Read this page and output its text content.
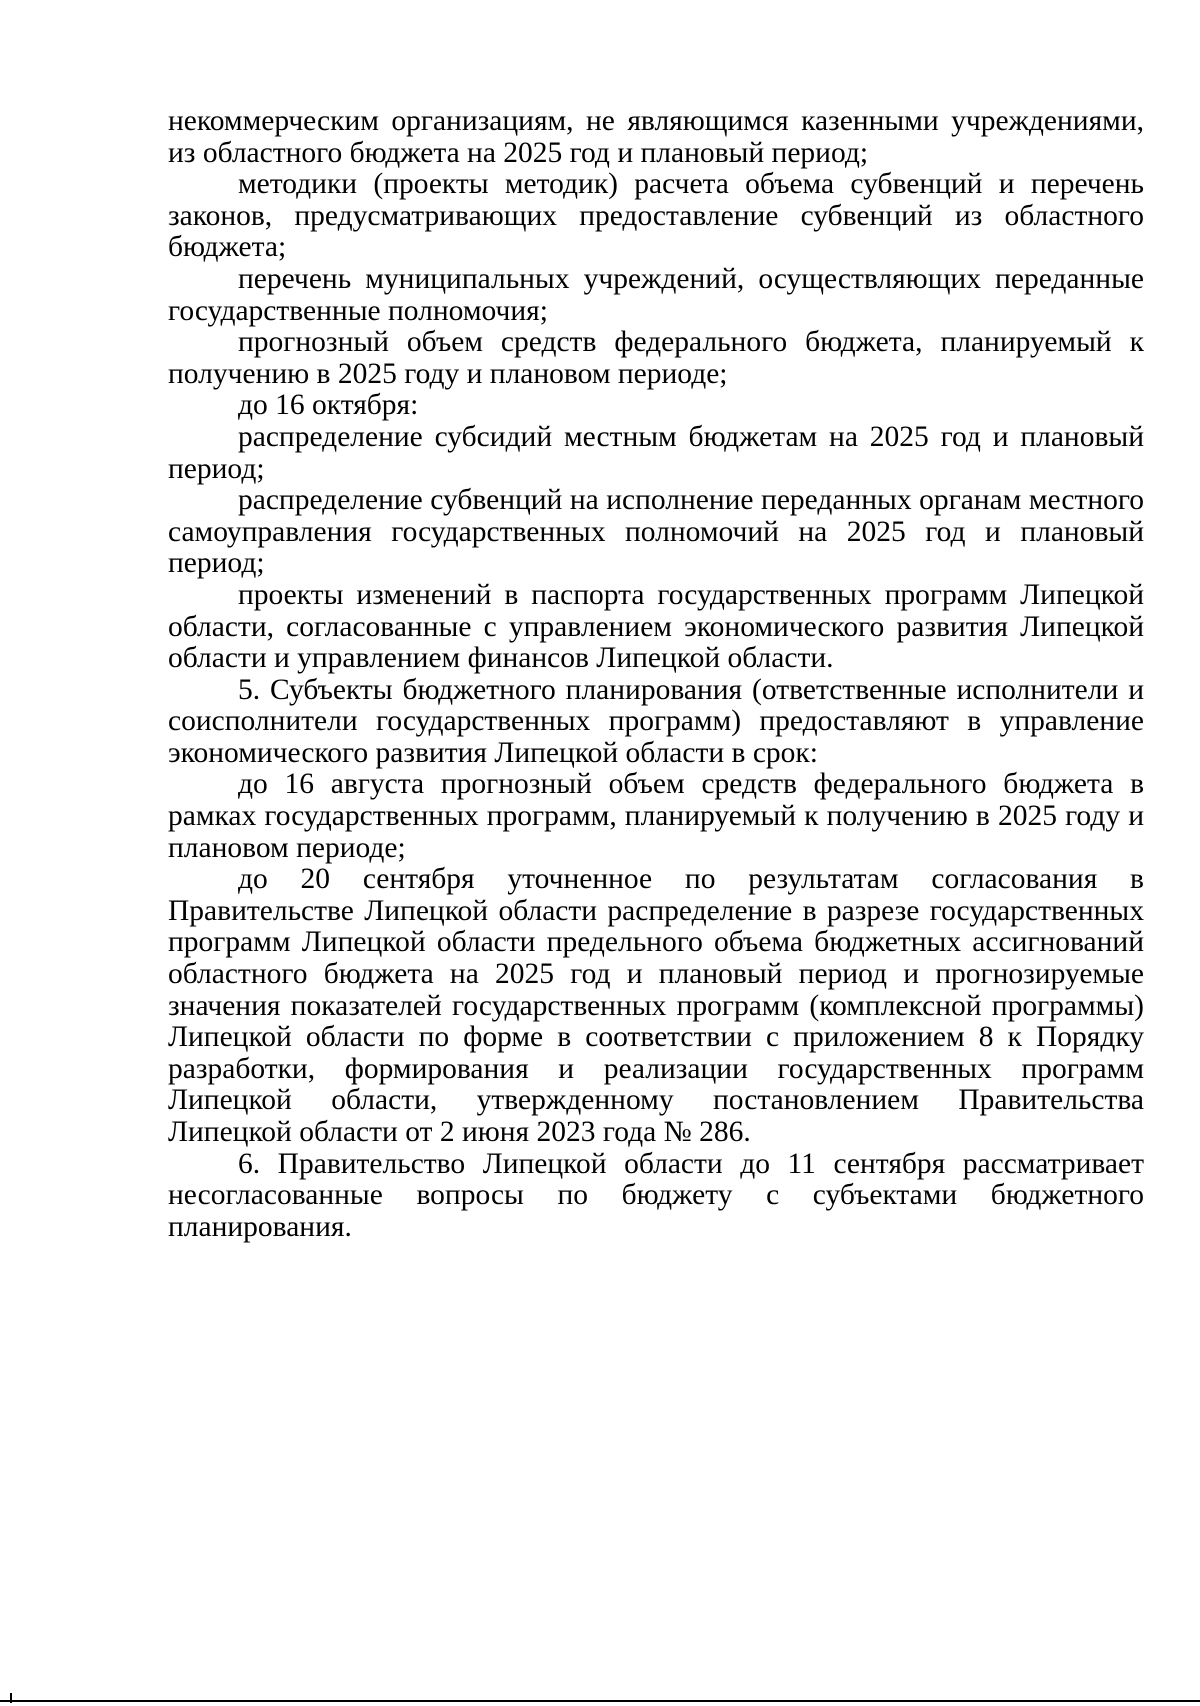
некоммерческим организациям, не являющимся казенными учреждениями, из областного бюджета на 2025 год и плановый период;

методики (проекты методик) расчета объема субвенций и перечень законов, предусматривающих предоставление субвенций из областного бюджета;

перечень муниципальных учреждений, осуществляющих переданные государственные полномочия;

прогнозный объем средств федерального бюджета, планируемый к получению в 2025 году и плановом периоде;

до 16 октября:

распределение субсидий местным бюджетам на 2025 год и плановый период;

распределение субвенций на исполнение переданных органам местного самоуправления государственных полномочий на 2025 год и плановый период;

проекты изменений в паспорта государственных программ Липецкой области, согласованные с управлением экономического развития Липецкой области и управлением финансов Липецкой области.

5. Субъекты бюджетного планирования (ответственные исполнители и соисполнители государственных программ) предоставляют в управление экономического развития Липецкой области в срок:

до 16 августа прогнозный объем средств федерального бюджета в рамках государственных программ, планируемый к получению в 2025 году и плановом периоде;

до 20 сентября уточненное по результатам согласования в Правительстве Липецкой области распределение в разрезе государственных программ Липецкой области предельного объема бюджетных ассигнований областного бюджета на 2025 год и плановый период и прогнозируемые значения показателей государственных программ (комплексной программы) Липецкой области по форме в соответствии с приложением 8 к Порядку разработки, формирования и реализации государственных программ Липецкой области, утвержденному постановлением Правительства Липецкой области от 2 июня 2023 года № 286.

6. Правительство Липецкой области до 11 сентября рассматривает несогласованные вопросы по бюджету с субъектами бюджетного планирования.
